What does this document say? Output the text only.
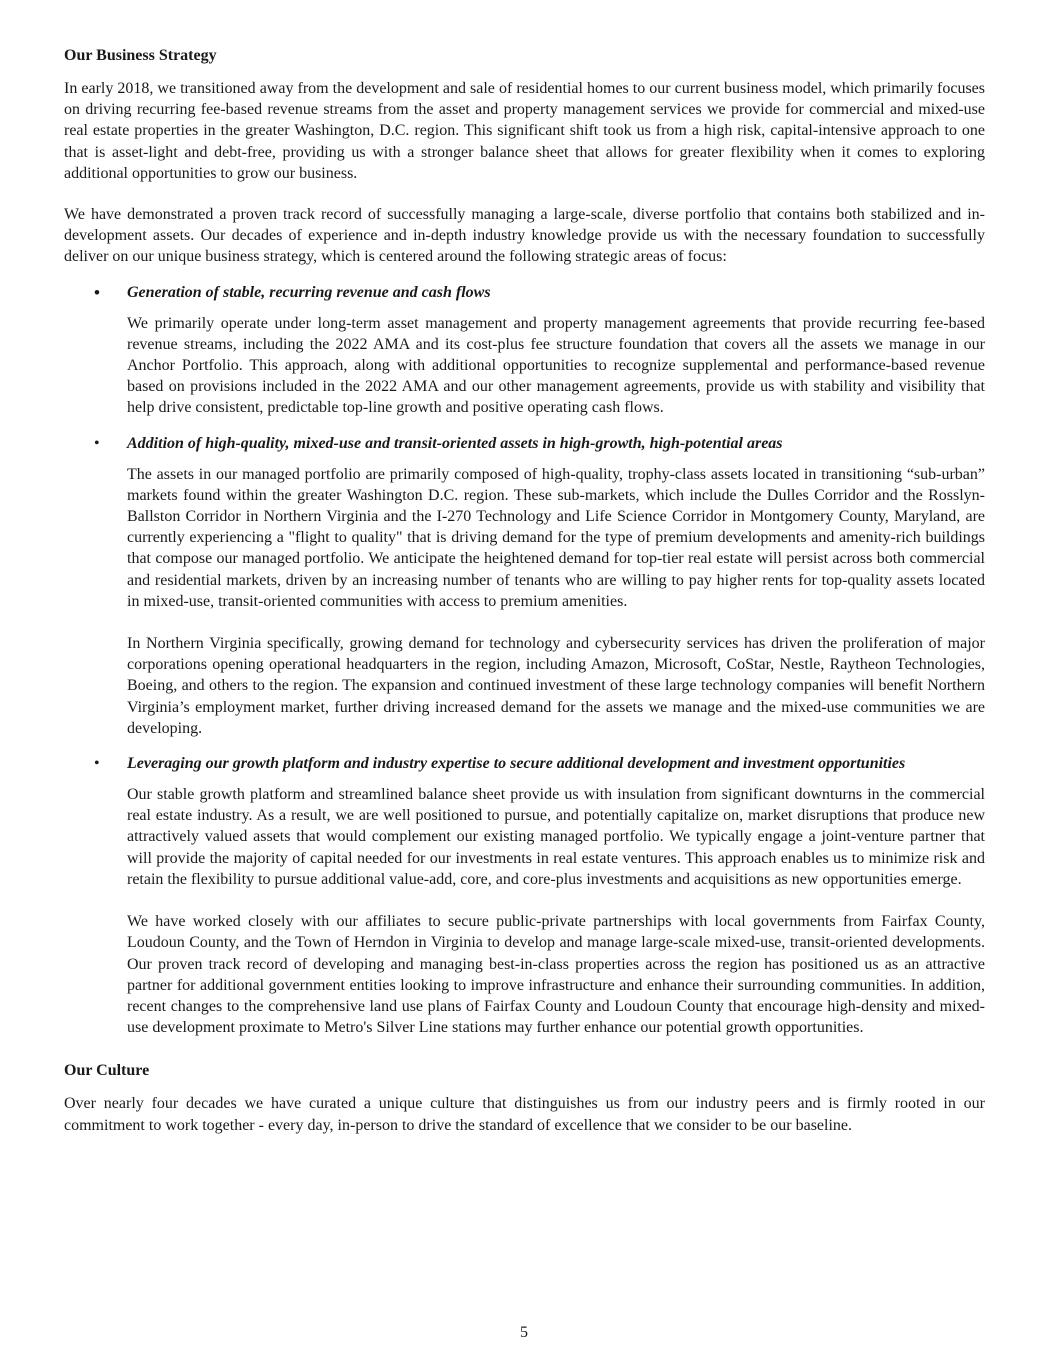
Our Business Strategy

In early 2018, we transitioned away from the development and sale of residential homes to our current business model, which primarily focuses on driving recurring fee-based revenue streams from the asset and property management services we provide for commercial and mixed-use real estate properties in the greater Washington, D.C. region. This significant shift took us from a high risk, capital-intensive approach to one that is asset-light and debt-free, providing us with a stronger balance sheet that allows for greater flexibility when it comes to exploring additional opportunities to grow our business.

We have demonstrated a proven track record of successfully managing a large-scale, diverse portfolio that contains both stabilized and in-development assets. Our decades of experience and in-depth industry knowledge provide us with the necessary foundation to successfully deliver on our unique business strategy, which is centered around the following strategic areas of focus:

• Generation of stable, recurring revenue and cash flows

We primarily operate under long-term asset management and property management agreements that provide recurring fee-based revenue streams, including the 2022 AMA and its cost-plus fee structure foundation that covers all the assets we manage in our Anchor Portfolio. This approach, along with additional opportunities to recognize supplemental and performance-based revenue based on provisions included in the 2022 AMA and our other management agreements, provide us with stability and visibility that help drive consistent, predictable top-line growth and positive operating cash flows.

• Addition of high-quality, mixed-use and transit-oriented assets in high-growth, high-potential areas

The assets in our managed portfolio are primarily composed of high-quality, trophy-class assets located in transitioning “sub-urban” markets found within the greater Washington D.C. region. These sub-markets, which include the Dulles Corridor and the Rosslyn-Ballston Corridor in Northern Virginia and the I-270 Technology and Life Science Corridor in Montgomery County, Maryland, are currently experiencing a "flight to quality" that is driving demand for the type of premium developments and amenity-rich buildings that compose our managed portfolio. We anticipate the heightened demand for top-tier real estate will persist across both commercial and residential markets, driven by an increasing number of tenants who are willing to pay higher rents for top-quality assets located in mixed-use, transit-oriented communities with access to premium amenities.

In Northern Virginia specifically, growing demand for technology and cybersecurity services has driven the proliferation of major corporations opening operational headquarters in the region, including Amazon, Microsoft, CoStar, Nestle, Raytheon Technologies, Boeing, and others to the region. The expansion and continued investment of these large technology companies will benefit Northern Virginia’s employment market, further driving increased demand for the assets we manage and the mixed-use communities we are developing.

• Leveraging our growth platform and industry expertise to secure additional development and investment opportunities

Our stable growth platform and streamlined balance sheet provide us with insulation from significant downturns in the commercial real estate industry. As a result, we are well positioned to pursue, and potentially capitalize on, market disruptions that produce new attractively valued assets that would complement our existing managed portfolio. We typically engage a joint-venture partner that will provide the majority of capital needed for our investments in real estate ventures. This approach enables us to minimize risk and retain the flexibility to pursue additional value-add, core, and core-plus investments and acquisitions as new opportunities emerge.

We have worked closely with our affiliates to secure public-private partnerships with local governments from Fairfax County, Loudoun County, and the Town of Herndon in Virginia to develop and manage large-scale mixed-use, transit-oriented developments. Our proven track record of developing and managing best-in-class properties across the region has positioned us as an attractive partner for additional government entities looking to improve infrastructure and enhance their surrounding communities. In addition, recent changes to the comprehensive land use plans of Fairfax County and Loudoun County that encourage high-density and mixed-use development proximate to Metro's Silver Line stations may further enhance our potential growth opportunities.

Our Culture

Over nearly four decades we have curated a unique culture that distinguishes us from our industry peers and is firmly rooted in our commitment to work together - every day, in-person to drive the standard of excellence that we consider to be our baseline.

5
